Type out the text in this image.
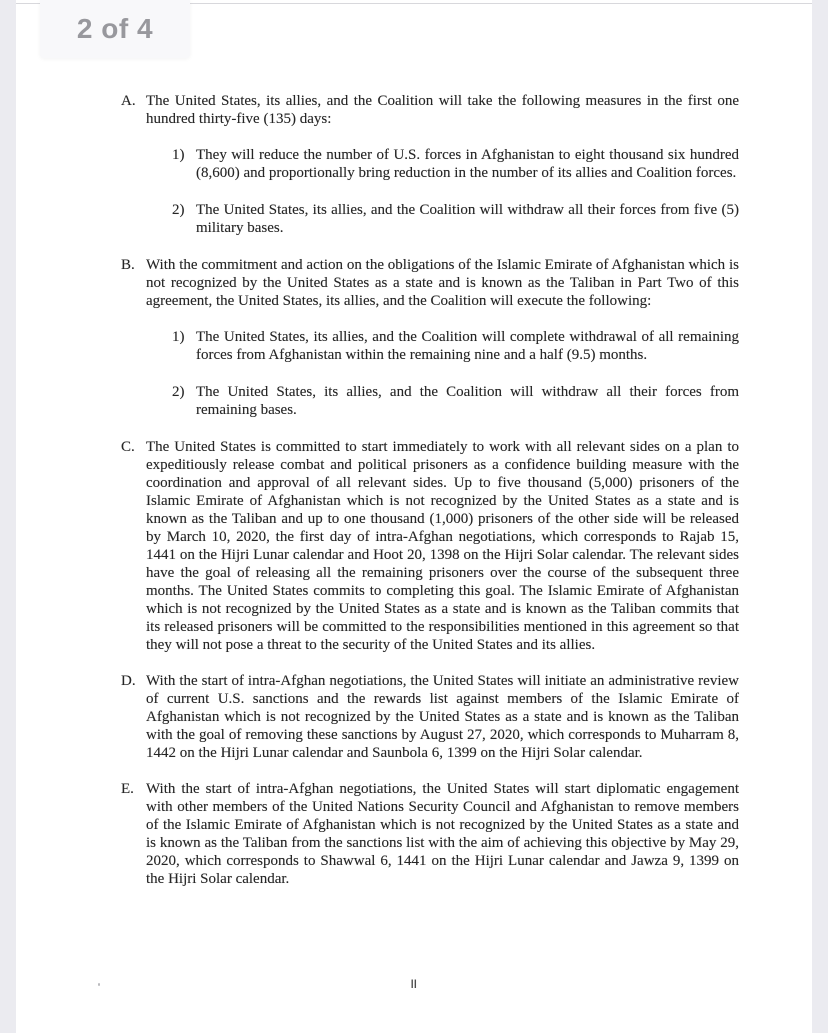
2 of 4
A. The United States, its allies, and the Coalition will take the following measures in the first one hundred thirty-five (135) days:
1) They will reduce the number of U.S. forces in Afghanistan to eight thousand six hundred (8,600) and proportionally bring reduction in the number of its allies and Coalition forces.
2) The United States, its allies, and the Coalition will withdraw all their forces from five (5) military bases.
B. With the commitment and action on the obligations of the Islamic Emirate of Afghanistan which is not recognized by the United States as a state and is known as the Taliban in Part Two of this agreement, the United States, its allies, and the Coalition will execute the following:
1) The United States, its allies, and the Coalition will complete withdrawal of all remaining forces from Afghanistan within the remaining nine and a half (9.5) months.
2) The United States, its allies, and the Coalition will withdraw all their forces from remaining bases.
C. The United States is committed to start immediately to work with all relevant sides on a plan to expeditiously release combat and political prisoners as a confidence building measure with the coordination and approval of all relevant sides. Up to five thousand (5,000) prisoners of the Islamic Emirate of Afghanistan which is not recognized by the United States as a state and is known as the Taliban and up to one thousand (1,000) prisoners of the other side will be released by March 10, 2020, the first day of intra-Afghan negotiations, which corresponds to Rajab 15, 1441 on the Hijri Lunar calendar and Hoot 20, 1398 on the Hijri Solar calendar. The relevant sides have the goal of releasing all the remaining prisoners over the course of the subsequent three months. The United States commits to completing this goal. The Islamic Emirate of Afghanistan which is not recognized by the United States as a state and is known as the Taliban commits that its released prisoners will be committed to the responsibilities mentioned in this agreement so that they will not pose a threat to the security of the United States and its allies.
D. With the start of intra-Afghan negotiations, the United States will initiate an administrative review of current U.S. sanctions and the rewards list against members of the Islamic Emirate of Afghanistan which is not recognized by the United States as a state and is known as the Taliban with the goal of removing these sanctions by August 27, 2020, which corresponds to Muharram 8, 1442 on the Hijri Lunar calendar and Saunbola 6, 1399 on the Hijri Solar calendar.
E. With the start of intra-Afghan negotiations, the United States will start diplomatic engagement with other members of the United Nations Security Council and Afghanistan to remove members of the Islamic Emirate of Afghanistan which is not recognized by the United States as a state and is known as the Taliban from the sanctions list with the aim of achieving this objective by May 29, 2020, which corresponds to Shawwal 6, 1441 on the Hijri Lunar calendar and Jawza 9, 1399 on the Hijri Solar calendar.
II
